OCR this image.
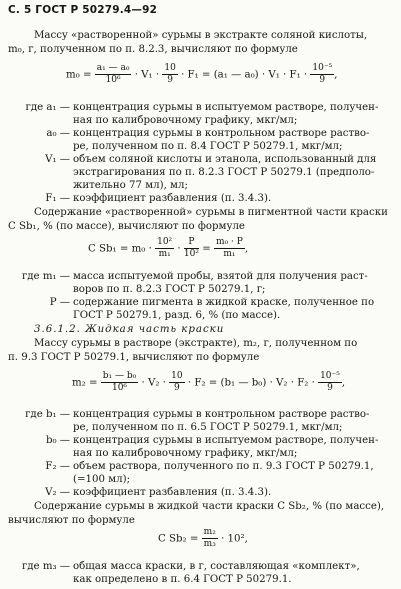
С. 5 ГОСТ Р 50279.4—92
Массу «растворенной» сурьмы в экстракте соляной кислоты,
m₀, г, полученном по п. 8.2.3, вычисляют по формуле
$m_0 = \frac{\text{a₁ — a₀}}{\text{10⁶}} \cdot V_1 \cdot \frac{10}{9} \cdot F_1 = (a_1$ — $a_0) \cdot V_1 \cdot F_1 \cdot \frac{\text{10⁻⁵}}{9}$ ,
где a₁ — концентрация сурьмы в испытуемом растворе, получен-
ная по калибровочному графику, мкг/мл;
a₀ — концентрация сурьмы в контрольном растворе раство-
ре, полученном по п. 8.4 ГОСТ Р 50279.1, мкг/мл;
V₁ — объем соляной кислоты и этанола, использованный для
экстрагирования по п. 8.2.3 ГОСТ Р 50279.1 (предполо-
жительно 77 мл), мл;
F₁ — коэффициент разбавления (п. 3.4.3).
Содержание «растворенной» сурьмы в пигментной части краски
C Sb₁, % (по массе), вычисляют по формуле
C $Sb_1 = m_0 \cdot \frac{\text{10²}}{\text{m₁}} \cdot \frac{P}{\text{10²}} = \frac{\text{m₀ · P}}{\text{m₁}}$ ,
где m₁ — масса испытуемой пробы, взятой для получения раст-
воров по п. 8.2.3 ГОСТ Р 50279.1, г;
P — содержание пигмента в жидкой краске, полученное по
ГОСТ Р 50279.1, разд. 6, % (по массе).
3.6.1.2. Жидкая часть краски
Массу сурьмы в растворе (экстракте), m₂, г, полученном по
п. 9.3 ГОСТ Р 50279.1, вычисляют по формуле
$m_2 = \frac{\text{b₁ — b₀}}{\text{10⁶}} \cdot V_2 \cdot \frac{10}{9} \cdot F_2 = (b_1$ — $b_0) \cdot V_2 \cdot F_2 \cdot \frac{\text{10⁻⁵}}{9}$ ,
где b₁ — концентрация сурьмы в контрольном растворе раство-
ре, полученном по п. 6.5 ГОСТ Р 50279.1, мкг/мл;
b₀ — концентрация сурьмы в испытуемом растворе, получен-
ная по калибровочному графику, мкг/мл;
F₂ — объем раствора, полученного по п. 9.3 ГОСТ Р 50279.1,
(=100 мл);
V₂ — коэффициент разбавления (п. 3.4.3).
Содержание сурьмы в жидкой части краски C Sb₂, % (по массе),
вычисляют по формуле
C $Sb_2 = \frac{\text{m₂}}{\text{m₃}} \cdot 10^2$,
где m₃ — общая масса краски, в г, составляющая «комплект»,
как определено в п. 6.4 ГОСТ Р 50279.1.
